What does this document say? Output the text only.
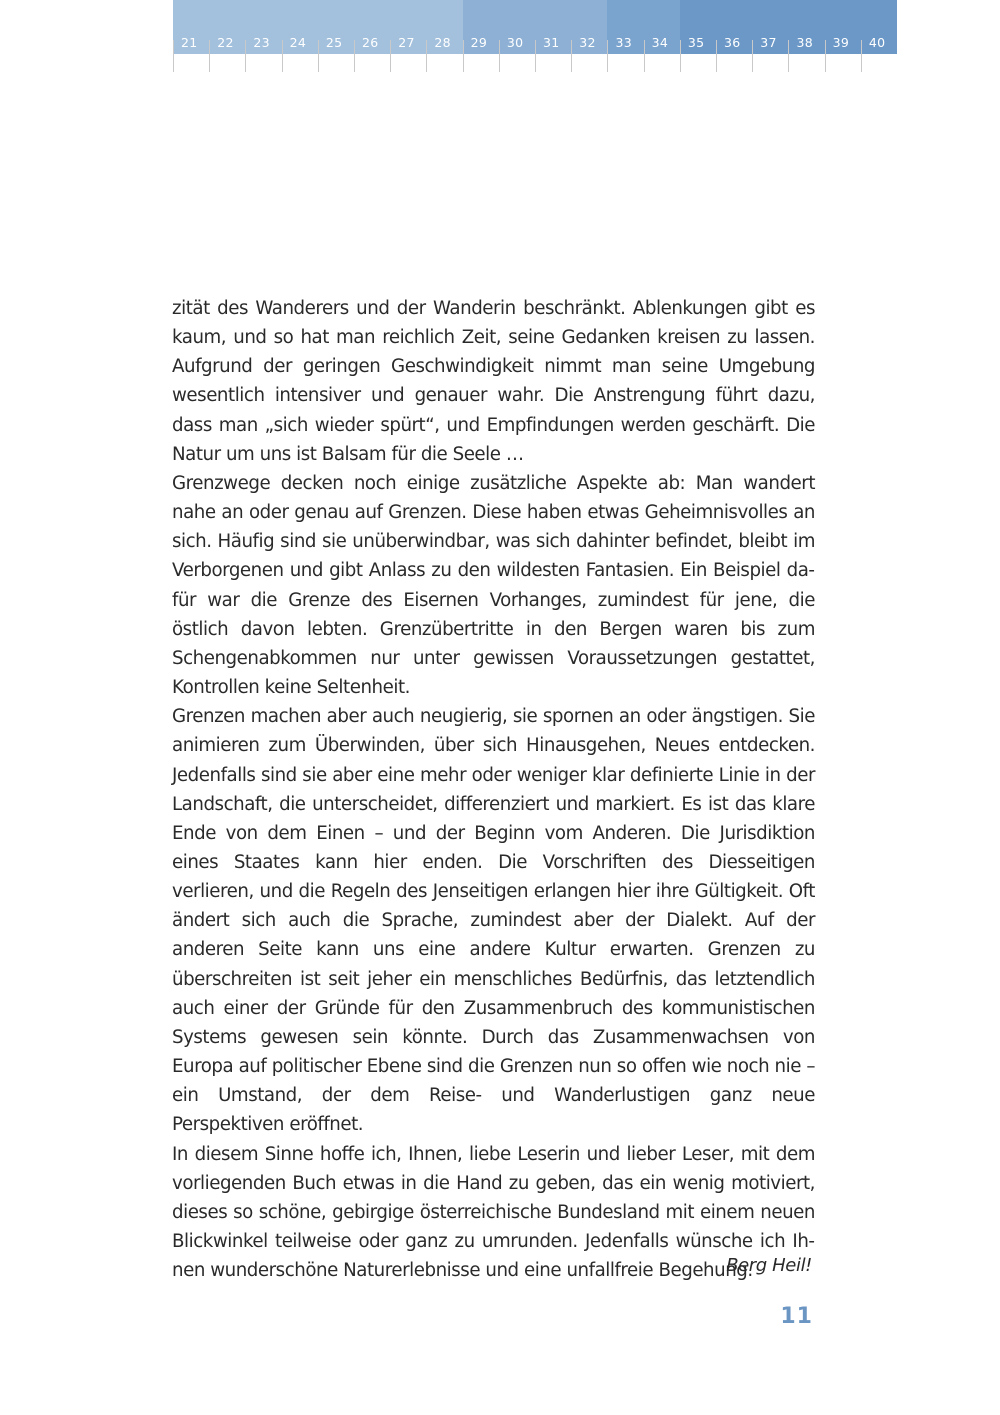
21 22 23 24 25 26 27 28 29 30 31 32 33 34 35 36 37 38 39 40

zität des Wanderers und der Wanderin beschränkt. Ablenkungen gibt es kaum, und so hat man reichlich Zeit, seine Gedanken kreisen zu lassen. Aufgrund der geringen Geschwindigkeit nimmt man seine Umgebung wesentlich intensiver und genauer wahr. Die Anstrengung führt dazu, dass man „sich wieder spürt“, und Empfindungen werden geschärft. Die Natur um uns ist Balsam für die Seele …

Grenzwege decken noch einige zusätzliche Aspekte ab: Man wandert nahe an oder genau auf Grenzen. Diese haben etwas Geheimnisvolles an sich. Häufig sind sie unüberwindbar, was sich dahinter befindet, bleibt im Verborgenen und gibt Anlass zu den wildesten Fantasien. Ein Beispiel dafür war die Grenze des Eisernen Vorhanges, zumindest für jene, die östlich davon lebten. Grenzübertritte in den Bergen waren bis zum Schengenabkommen nur unter gewissen Voraussetzungen gestattet, Kontrollen keine Seltenheit.

Grenzen machen aber auch neugierig, sie spornen an oder ängstigen. Sie animieren zum Überwinden, über sich Hinausgehen, Neues entdecken. Jedenfalls sind sie aber eine mehr oder weniger klar definierte Linie in der Landschaft, die unterscheidet, differenziert und markiert. Es ist das klare Ende von dem Einen – und der Beginn vom Anderen. Die Jurisdiktion eines Staates kann hier enden. Die Vorschriften des Diesseitigen verlieren, und die Regeln des Jenseitigen erlangen hier ihre Gültigkeit. Oft ändert sich auch die Sprache, zumindest aber der Dialekt. Auf der anderen Seite kann uns eine andere Kultur erwarten. Grenzen zu überschreiten ist seit jeher ein menschliches Bedürfnis, das letztendlich auch einer der Gründe für den Zusammenbruch des kommunistischen Systems gewesen sein könnte. Durch das Zusammenwachsen von Europa auf politischer Ebene sind die Grenzen nun so offen wie noch nie – ein Umstand, der dem Reise- und Wanderlustigen ganz neue Perspektiven eröffnet.

In diesem Sinne hoffe ich, Ihnen, liebe Leserin und lieber Leser, mit dem vorliegenden Buch etwas in die Hand zu geben, das ein wenig motiviert, dieses so schöne, gebirgige österreichische Bundesland mit einem neuen Blickwinkel teilweise oder ganz zu umrunden. Jedenfalls wünsche ich Ihnen wunderschöne Naturerlebnisse und eine unfallfreie Begehung.

Berg Heil!
11
